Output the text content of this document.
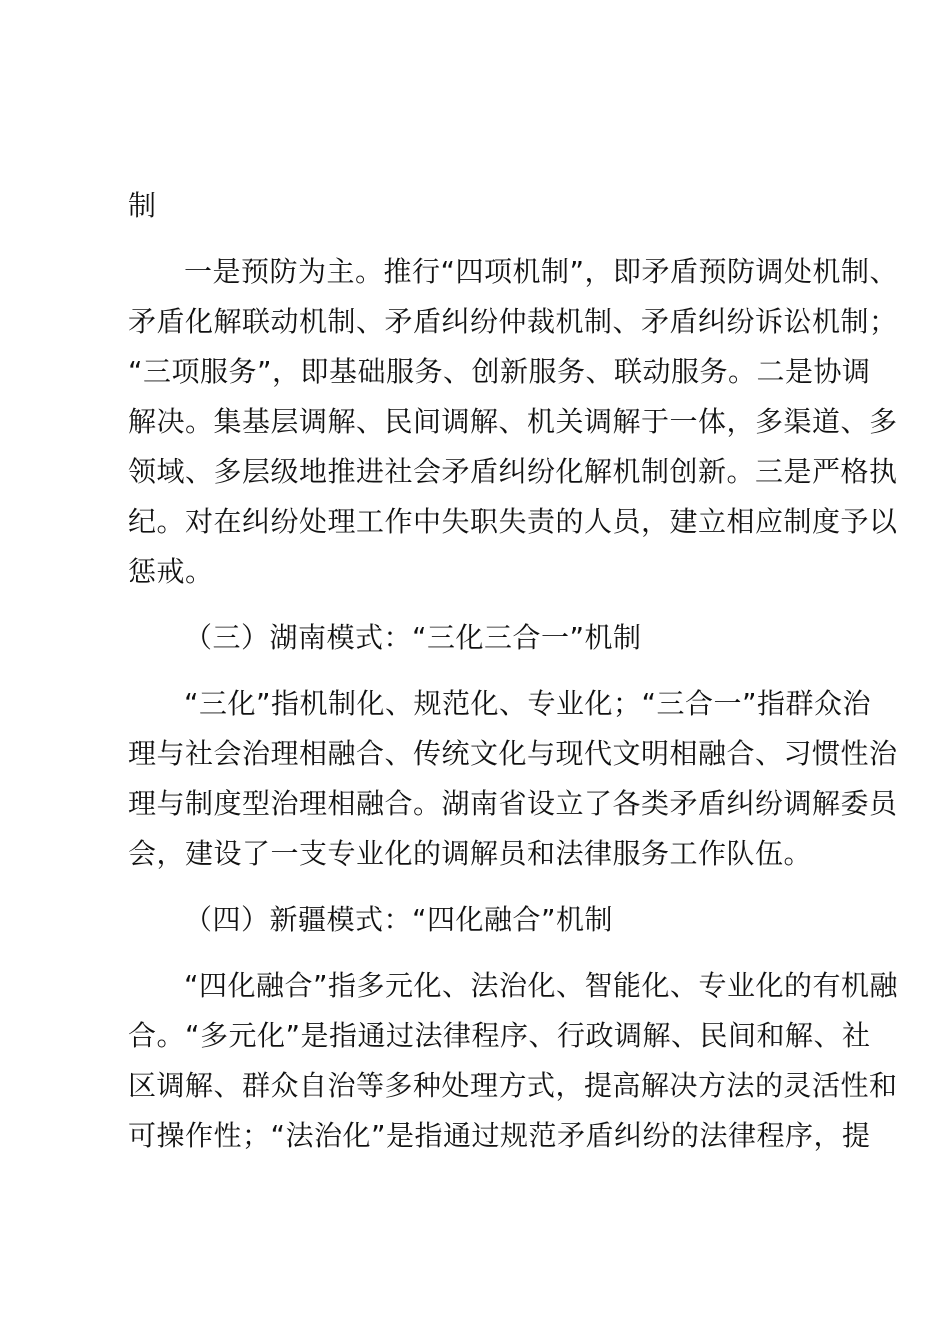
制
一是预防为主。推行“四项机制”，即矛盾预防调处机制、
矛盾化解联动机制、矛盾纠纷仲裁机制、矛盾纠纷诉讼机制；
“三项服务”，即基础服务、创新服务、联动服务。二是协调
解决。集基层调解、民间调解、机关调解于一体，多渠道、多
领域、多层级地推进社会矛盾纠纷化解机制创新。三是严格执
纪。对在纠纷处理工作中失职失责的人员，建立相应制度予以
惩戒。
（三）湖南模式：“三化三合一”机制
“三化”指机制化、规范化、专业化；“三合一”指群众治
理与社会治理相融合、传统文化与现代文明相融合、习惯性治
理与制度型治理相融合。湖南省设立了各类矛盾纠纷调解委员
会，建设了一支专业化的调解员和法律服务工作队伍。
（四）新疆模式：“四化融合”机制
“四化融合”指多元化、法治化、智能化、专业化的有机融
合。“多元化”是指通过法律程序、行政调解、民间和解、社
区调解、群众自治等多种处理方式，提高解决方法的灵活性和
可操作性；“法治化”是指通过规范矛盾纠纷的法律程序，提
